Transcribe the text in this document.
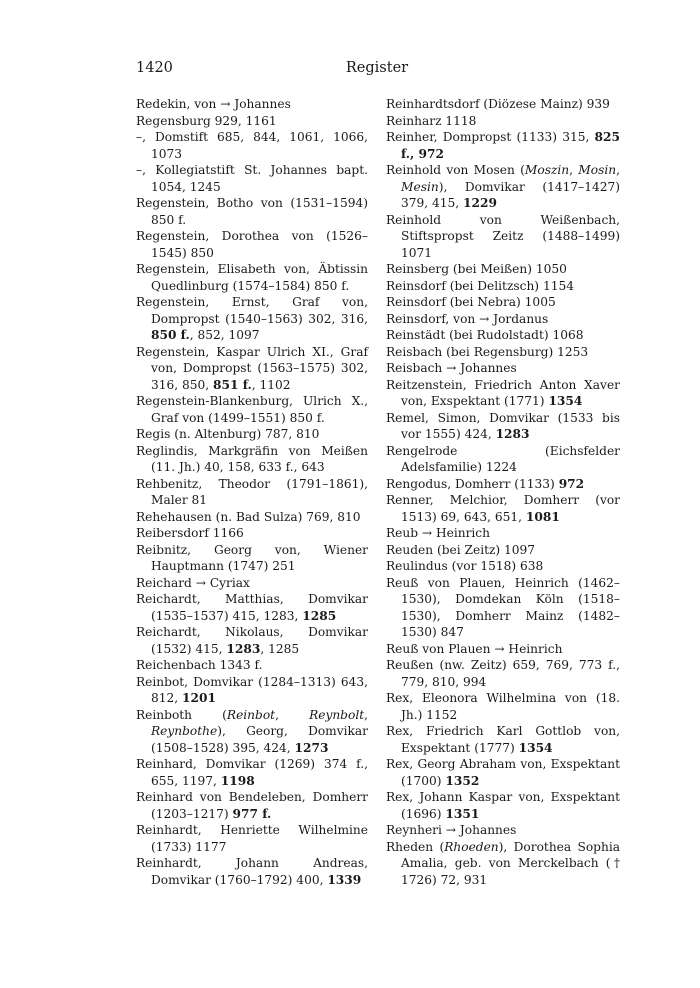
1420	Register
Redekin, von → Johannes
Regensburg 929, 1161
–, Domstift 685, 844, 1061, 1066, 1073
–, Kollegiatstift St. Johannes bapt. 1054, 1245
Regenstein, Botho von (1531–1594) 850 f.
Regenstein, Dorothea von (1526–1545) 850
Regenstein, Elisabeth von, Äbtissin Quedlinburg (1574–1584) 850 f.
Regenstein, Ernst, Graf von, Dompropst (1540–1563) 302, 316, 850 f., 852, 1097
Regenstein, Kaspar Ulrich XI., Graf von, Dompropst (1563–1575) 302, 316, 850, 851 f., 1102
Regenstein-Blankenburg, Ulrich X., Graf von (1499–1551) 850 f.
Regis (n. Altenburg) 787, 810
Reglindis, Markgräfin von Meißen (11. Jh.) 40, 158, 633 f., 643
Rehbenitz, Theodor (1791–1861), Maler 81
Rehehausen (n. Bad Sulza) 769, 810
Reibersdorf 1166
Reibnitz, Georg von, Wiener Hauptmann (1747) 251
Reichard → Cyriax
Reichardt, Matthias, Domvikar (1535–1537) 415, 1283, 1285
Reichardt, Nikolaus, Domvikar (1532) 415, 1283, 1285
Reichenbach 1343 f.
Reinbot, Domvikar (1284–1313) 643, 812, 1201
Reinboth (Reinbot, Reynbolt, Reynbothe), Georg, Domvikar (1508–1528) 395, 424, 1273
Reinhard, Domvikar (1269) 374 f., 655, 1197, 1198
Reinhard von Bendeleben, Domherr (1203–1217) 977 f.
Reinhardt, Henriette Wilhelmine (1733) 1177
Reinhardt, Johann Andreas, Domvikar (1760–1792) 400, 1339
Reinhardtsdorf (Diözese Mainz) 939
Reinharz 1118
Reinher, Dompropst (1133) 315, 825 f., 972
Reinhold von Mosen (Moszin, Mosin, Mesin), Domvikar (1417–1427) 379, 415, 1229
Reinhold von Weißenbach, Stiftspropst Zeitz (1488–1499) 1071
Reinsberg (bei Meißen) 1050
Reinsdorf (bei Delitzsch) 1154
Reinsdorf (bei Nebra) 1005
Reinsdorf, von → Jordanus
Reinstädt (bei Rudolstadt) 1068
Reisbach (bei Regensburg) 1253
Reisbach → Johannes
Reitzenstein, Friedrich Anton Xaver von, Exspektant (1771) 1354
Remel, Simon, Domvikar (1533 bis vor 1555) 424, 1283
Rengelrode (Eichsfelder Adelsfamilie) 1224
Rengodus, Domherr (1133) 972
Renner, Melchior, Domherr (vor 1513) 69, 643, 651, 1081
Reub → Heinrich
Reuden (bei Zeitz) 1097
Reulindus (vor 1518) 638
Reuß von Plauen, Heinrich (1462–1530), Domdekan Köln (1518–1530), Domherr Mainz (1482–1530) 847
Reuß von Plauen → Heinrich
Reußen (nw. Zeitz) 659, 769, 773 f., 779, 810, 994
Rex, Eleonora Wilhelmina von (18. Jh.) 1152
Rex, Friedrich Karl Gottlob von, Exspektant (1777) 1354
Rex, Georg Abraham von, Exspektant (1700) 1352
Rex, Johann Kaspar von, Exspektant (1696) 1351
Reynheri → Johannes
Rheden (Rhoeden), Dorothea Sophia Amalia, geb. von Merckelbach († 1726) 72, 931
